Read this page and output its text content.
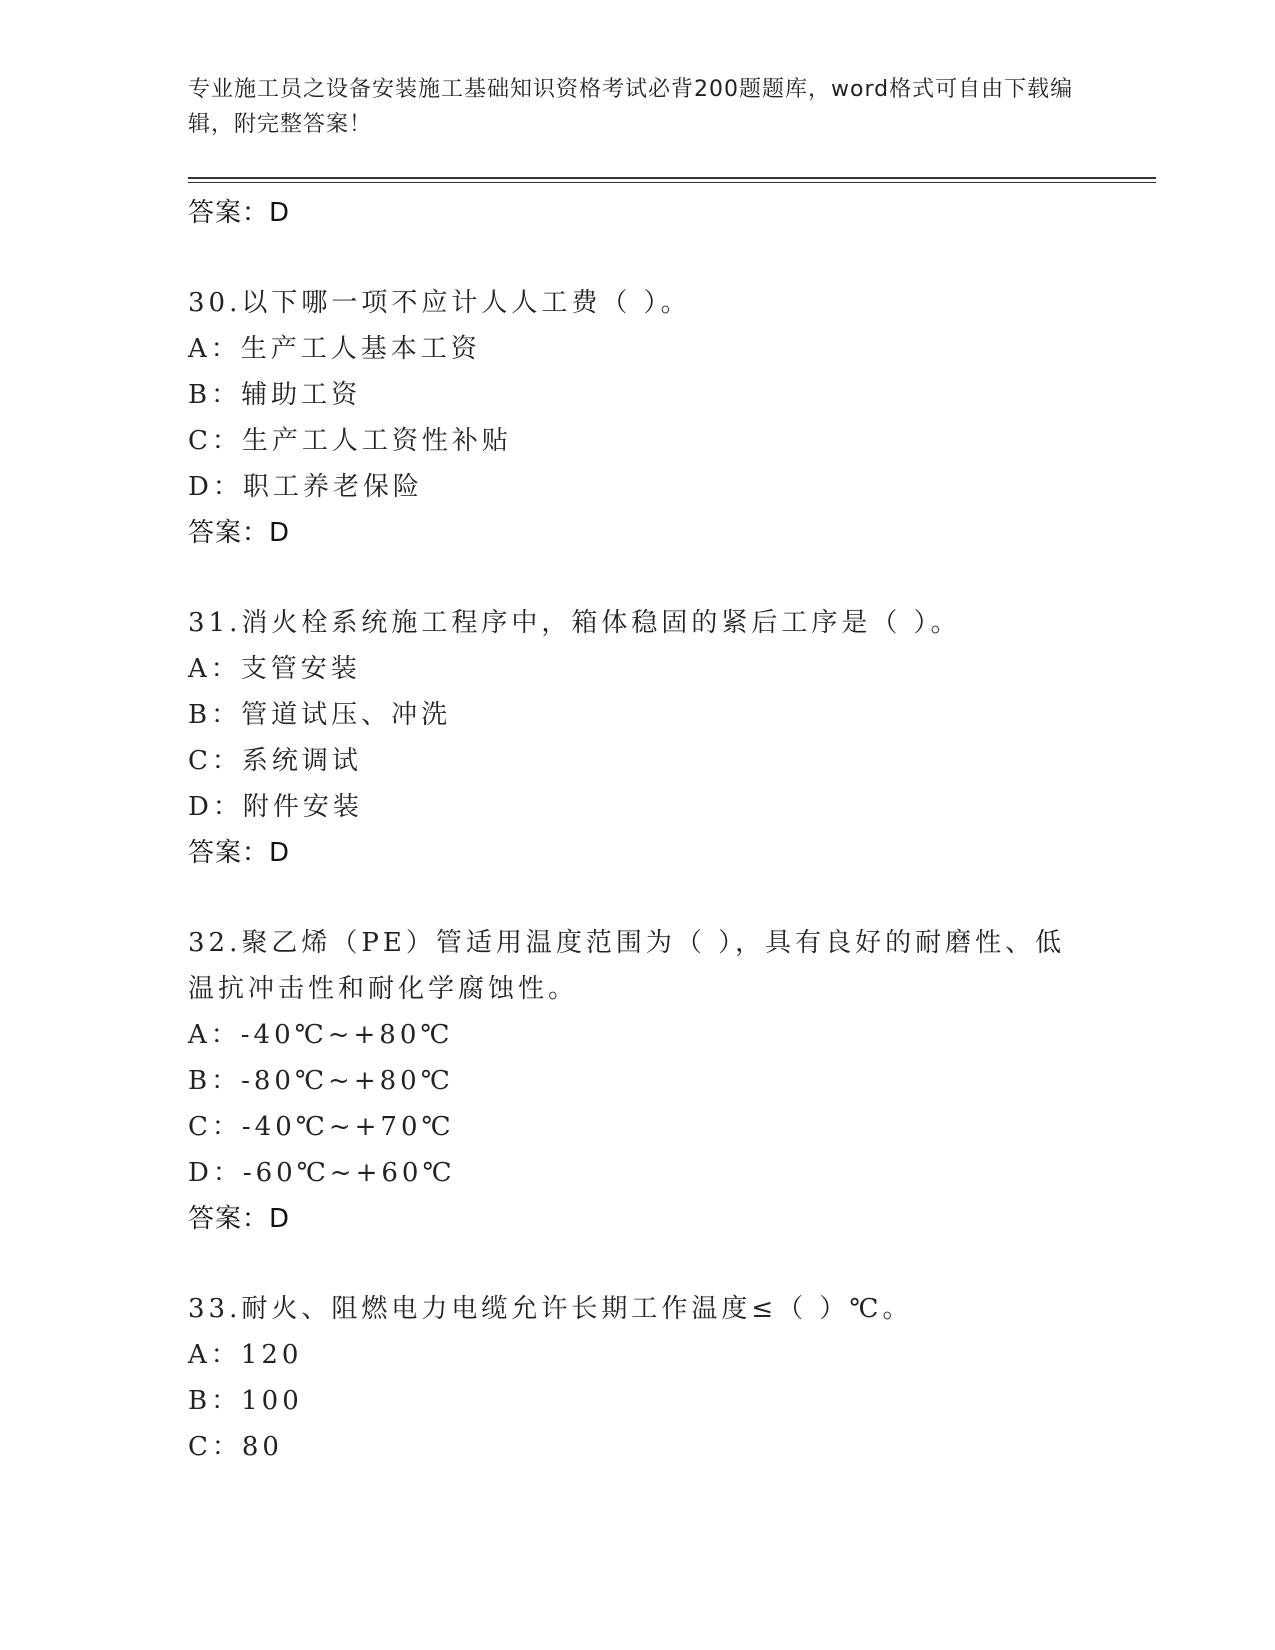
专业施工员之设备安装施工基础知识资格考试必背200题题库，word格式可自由下载编辑，附完整答案！
答案：D
30.以下哪一项不应计人人工费（ ）。
A：生产工人基本工资
B：辅助工资
C：生产工人工资性补贴
D：职工养老保险
答案：D
31.消火栓系统施工程序中，箱体稳固的紧后工序是（ ）。
A：支管安装
B：管道试压、冲洗
C：系统调试
D：附件安装
答案：D
32.聚乙烯（PE）管适用温度范围为（ ），具有良好的耐磨性、低温抗冲击性和耐化学腐蚀性。
A：-40℃~+80℃
B：-80℃~+80℃
C：-40℃~+70℃
D：-60℃~+60℃
答案：D
33.耐火、阻燃电力电缆允许长期工作温度≤（ ）℃。
A：120
B：100
C：80
